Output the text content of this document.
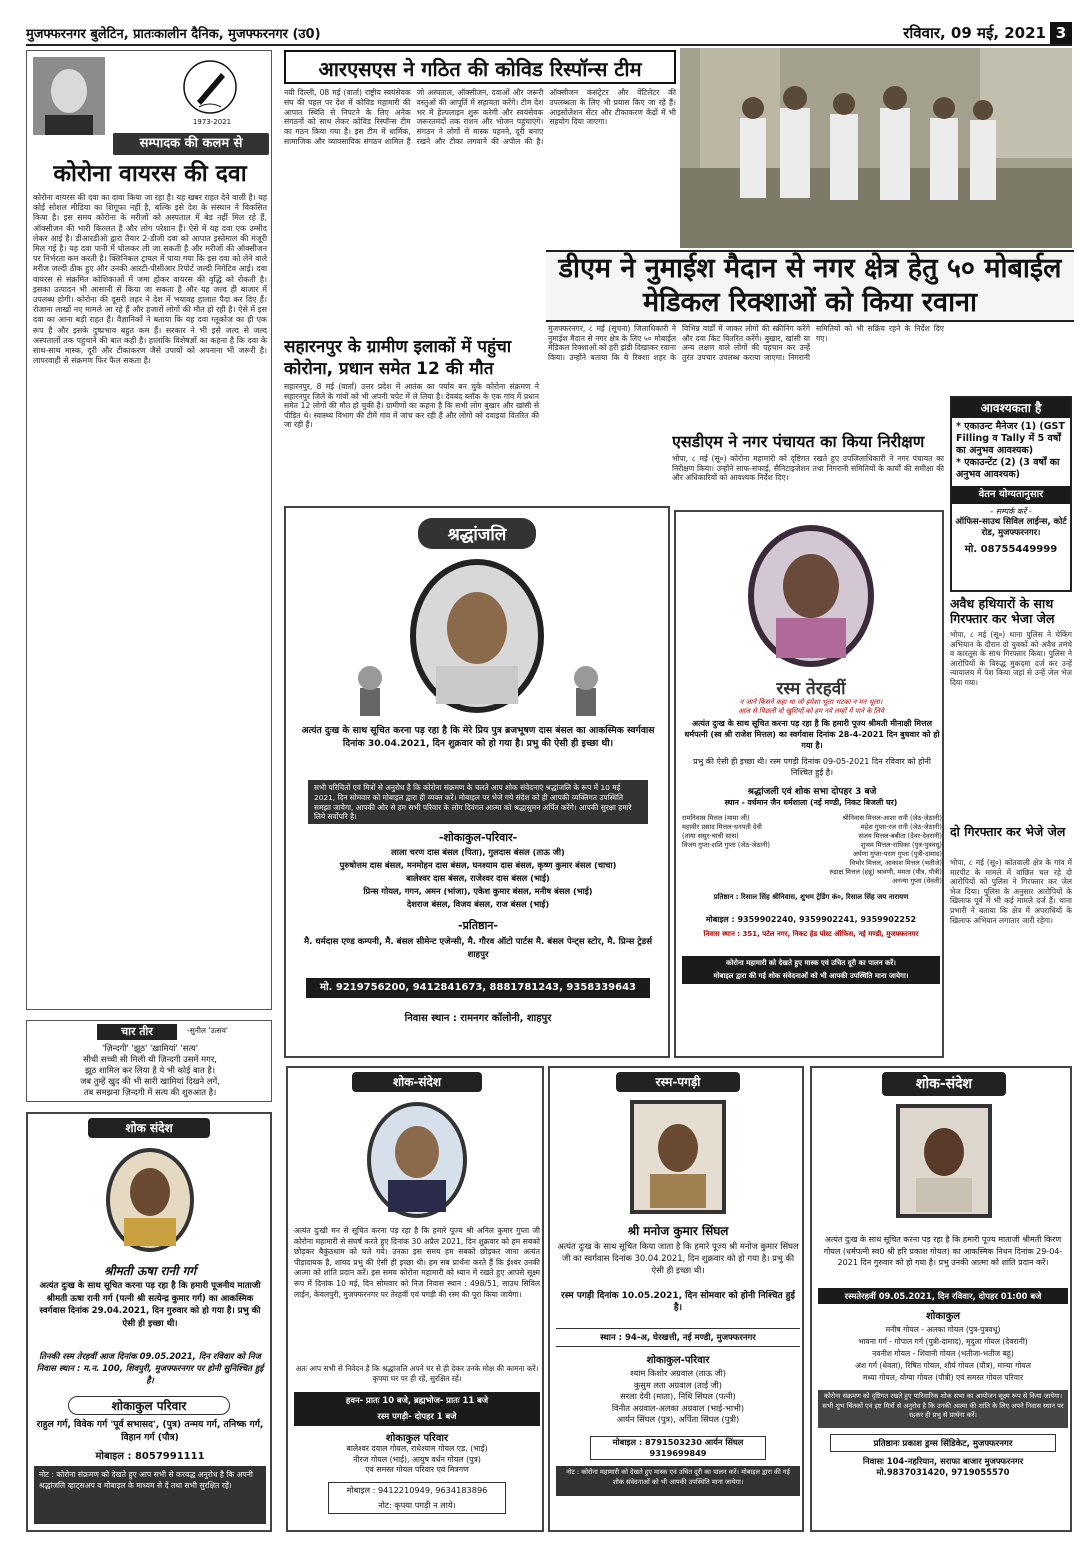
मुजफ्फरनगर बुलेटिन, प्रातःकालीन दैनिक, मुजफ्फरनगर (उ0)	रविवार, 09 मई, 2021 3
1973-2021
सम्पादक की कलम से
कोरोना वायरस की दवा
कोरोना वायरस की दवा का दावा किया जा रहा है। यह खबर राहत देने वाली है। यह कोई सोशल मीडिया का शिगूफा नहीं है, बल्कि इसे देश के संस्थान ने विकसित किया है। इस समय कोरोना के मरीजों को अस्पताल में बेड नहीं मिल रहे हैं, ऑक्सीजन की भारी किल्लत है और लोग परेशान हैं। ऐसे में यह दवा एक उम्मीद लेकर आई है। डीआरडीओ द्वारा तैयार 2-डीजी दवा को आपात इस्तेमाल की मंजूरी मिल गई है। यह दवा पानी में घोलकर ली जा सकती है और मरीजों की ऑक्सीजन पर निर्भरता कम करती है। क्लिनिकल ट्रायल में पाया गया कि इस दवा को लेने वाले मरीज जल्दी ठीक हुए और उनकी आरटी-पीसीआर रिपोर्ट जल्दी निगेटिव आई। दवा वायरस से संक्रमित कोशिकाओं में जमा होकर वायरस की वृद्धि को रोकती है। इसका उत्पादन भी आसानी से किया जा सकता है और यह जल्द ही बाजार में उपलब्ध होगी। कोरोना की दूसरी लहर ने देश में भयावह हालात पैदा कर दिए हैं। रोजाना लाखों नए मामले आ रहे हैं और हजारों लोगों की मौत हो रही है। ऐसे में इस दवा का आना बड़ी राहत है। वैज्ञानिकों ने बताया कि यह दवा ग्लूकोज का ही एक रूप है और इसके दुष्प्रभाव बहुत कम हैं। सरकार ने भी इसे जल्द से जल्द अस्पतालों तक पहुंचाने की बात कही है। हालांकि विशेषज्ञों का कहना है कि दवा के साथ-साथ मास्क, दूरी और टीकाकरण जैसे उपायों को अपनाना भी जरूरी है। लापरवाही से संक्रमण फिर फैल सकता है।
चार तीर	-सुनील 'उत्सव'
'ज़िन्दगी' 'झूठ' 'ख़ामियां' 'सत्य'
सीधी सच्ची सी मिली थी ज़िन्दगी उसमें मगर,
झूठ शामिल कर लिया है ये भी कोई बात है।
जब तुम्हें खुद की भी सारी खामियां दिखने लगें,
तब समझना ज़िन्दगी में सत्य की शुरुआत है।
आरएसएस ने गठित की कोविड रिस्पॉन्स टीम
नयी दिल्ली, 08 मई (वार्ता) राष्ट्रीय स्वयंसेवक संघ की पहल पर देश में कोविड महामारी की आपात स्थिति से निपटने के लिए अनेक संगठनों को साथ लेकर कोविड रिस्पॉन्स टीम का गठन किया गया है। इस टीम में धार्मिक, सामाजिक और व्यावसायिक संगठन शामिल हैं जो अस्पताल, ऑक्सीजन, दवाओं और जरूरी वस्तुओं की आपूर्ति में सहायता करेंगे। टीम देश भर में हेल्पलाइन शुरू करेगी और स्वयंसेवक जरूरतमंदों तक राशन और भोजन पहुंचाएंगे। संगठन ने लोगों से मास्क पहनने, दूरी बनाए रखने और टीका लगवाने की अपील की है। ऑक्सीजन कंसंट्रेटर और वेंटिलेटर की उपलब्धता के लिए भी प्रयास किए जा रहे हैं। आइसोलेशन सेंटर और टीकाकरण केंद्रों में भी सहयोग दिया जाएगा।
सहारनपुर के ग्रामीण इलाकों में पहुंचा कोरोना, प्रधान समेत 12 की मौत
सहारनपुर, 8 मई (वार्ता) उत्तर प्रदेश में आतंक का पर्याय बन चुके कोरोना संक्रमण ने सहारनपुर जिले के गांवों को भी अपनी चपेट में ले लिया है। देवबंद ब्लॉक के एक गांव में प्रधान समेत 12 लोगों की मौत हो चुकी है। ग्रामीणों का कहना है कि सभी लोग बुखार और खांसी से पीड़ित थे। स्वास्थ्य विभाग की टीमें गांव में जांच कर रही हैं और लोगों को दवाइयां वितरित की जा रही हैं।
डीएम ने नुमाईश मैदान से नगर क्षेत्र हेतु ५० मोबाईल मेडिकल रिक्शाओं को किया रवाना
मुजफ्फरनगर, ८ मई (सूचना) जिलाधिकारी ने नुमाईश मैदान से नगर क्षेत्र के लिए ५० मोबाईल मेडिकल रिक्शाओं को हरी झंडी दिखाकर रवाना किया। उन्होंने बताया कि ये रिक्शा शहर के विभिन्न वार्डों में जाकर लोगों की स्क्रीनिंग करेंगे और दवा किट वितरित करेंगे। बुखार, खांसी या अन्य लक्षण वाले लोगों की पहचान कर उन्हें तुरंत उपचार उपलब्ध कराया जाएगा। निगरानी समितियों को भी सक्रिय रहने के निर्देश दिए गए।
एसडीएम ने नगर पंचायत का किया निरीक्षण
भोपा, ८ मई (सू०) कोरोना महामारी को दृष्टिगत रखते हुए उपजिलाधिकारी ने नगर पंचायत का निरीक्षण किया। उन्होंने साफ-सफाई, सैनिटाइजेशन तथा निगरानी समितियों के कार्यों की समीक्षा की और अधिकारियों को आवश्यक निर्देश दिए।
आवश्यकता है
* एकाउन्ट मैनेजर (1) (GST Filling व Tally में 5 वर्षों का अनुभव आवश्यक)
* एकाउन्टेंट (2) (3 वर्षों का अनुभव आवश्यक)
वेतन योग्यतानुसार
- सम्पर्क करें -
ऑफिस-साउथ सिविल लाईन्स, कोर्ट रोड, मुजफ्फरनगर।
मो. 08755449999
अवैध हथियारों के साथ गिरफ्तार कर भेजा जेल
भोपा, ८ मई (सू०) थाना पुलिस ने चेकिंग अभियान के दौरान दो युवकों को अवैध तमंचे व कारतूस के साथ गिरफ्तार किया। पुलिस ने आरोपियों के विरुद्ध मुकदमा दर्ज कर उन्हें न्यायालय में पेश किया जहां से उन्हें जेल भेज दिया गया।
दो गिरफ्तार कर भेजे जेल
भोपा, ८ मई (सू०) कोतवाली क्षेत्र के गांव में मारपीट के मामले में वांछित चल रहे दो आरोपियों को पुलिस ने गिरफ्तार कर जेल भेज दिया। पुलिस के अनुसार आरोपियों के खिलाफ पूर्व में भी कई मामले दर्ज हैं। थाना प्रभारी ने बताया कि क्षेत्र में अपराधियों के खिलाफ अभियान लगातार जारी रहेगा।
श्रद्धांजलि
अत्यंत दुःख के साथ सूचित करना पड़ रहा है कि मेरे प्रिय पुत्र ब्रजभूषण दास बंसल का आकस्मिक स्वर्गवास दिनांक 30.04.2021, दिन शुक्रवार को हो गया है। प्रभु की ऐसी ही इच्छा थी।
सभी परिचितों एवं मित्रों से अनुरोध है कि कोरोना संक्रमण के चलते आप शोक संवेदनाएं श्रद्धांजलि के रूप में 10 मई 2021, दिन सोमवार को मोबाइल द्वारा ही व्यक्त करें। मोबाइल पर भेजे गये संदेश को ही आपकी व्यक्तिगत उपस्थिति समझा जायेगा, आपकी ओर से हम सभी परिवार के लोग दिवंगत आत्मा को श्रद्धासुमन अर्पित करेंगे। आपकी सुरक्षा हमारे लिये सर्वोपरि है।
-शोकाकुल-परिवार-
लाला चरण दास बंसल (पिता), गुलदास बंसल (ताऊ जी)
पुरुषोत्तम दास बंसल, मनमोहन दास बंसल, घनश्याम दास बंसल, कृष्ण कुमार बंसल (चाचा)
बालेश्वर दास बंसल, राजेश्वर दास बंसल (भाई)
प्रिन्स गोयल, गगन, अमन (भांजा), एकेश कुमार बंसल, मनीष बंसल (भाई)
देशराज बंसल, विजय बंसल, राज बंसल (भाई)
-प्रतिष्ठान-
मै. धर्मदास एण्ड कम्पनी, मै. बंसल सीमेन्ट एजेन्सी, मै. गौरव ऑटो पार्टस मै. बंसल पेन्ट्स स्टोर, मै. प्रिन्स ट्रेडर्स शाहपुर
मो. 9219756200, 9412841673, 8881781243, 9358339643
निवास स्थान : रामनगर कॉलोनी, शाहपुर
रस्म तेरहवीं
न जाने किसने कहा था जो हमेशा भूला भटका न मन भूला।
आज से पिछली वो खुशियों को हम नये लम्हों में पाने के लिये
अत्यंत दुःख के साथ सूचित करना पड़ रहा है कि हमारी पूज्य श्रीमती मीनाक्षी मित्तल धर्मपत्नी (स्व श्री राजेश मित्तल) का स्वर्गवास दिनांक 28-4-2021 दिन बुधवार को हो गया है।
प्रभु की ऐसी ही इच्छा थी। रस्म पगड़ी दिनांक 09-05-2021 दिन रविवार को होनी निश्चित हुई है।
श्रद्धांजली एवं शोक सभा दोपहर 3 बजे
स्थान - वर्धमान जैन धर्मशाला (नई मण्डी, निकट बिजली घर)
रामनिवास मित्तल (मामा जी)
महावीर प्रसाद मित्तल-धनपती देवी
(ताया ससुर-चाची सास)
विजय गुप्ता-शशि गुप्ता (जेठ-जेठानी)
श्रीनिवास मित्तल-आशा रानी (जेठ-जेठानी)
महेश गुप्ता-रज रानी (जेठ-जेठानी)
संजय मित्तल-बबीता (देवर-देवरानी)
शुभम मित्तल-राधिका (पुत्र-पुत्रवधू)
अर्पणा गुप्ता-पराग गुप्ता (पुत्री-दामाद)
विभोर मित्तल, आकाश मित्तल (भतीजे)
रुद्राक्ष मित्तल (हन्नू) श्रावणी, ममता (पौत्र, पौत्री)
अनन्या गुप्ता (धेवती)
प्रतिष्ठान : रिसाल सिंह श्रीनिवास, शुभम ट्रेडिंग कं०, रिसाल सिंह जय नारायण
मोबाइल : 9359902240, 9359902241, 9359902252
निवास स्थान : 351, पटेल नगर, निकट हेड पोस्ट ऑफिस, नई मण्डी, मुजफ्फरनगर
कोरोना महामारी को देखते हुए मास्क एवं उचित दूरी का पालन करें।
मोबाइल द्वारा की गई शोक संवेदनाओं को भी आपकी उपस्थिति माना जायेगा।
शोक संदेश
श्रीमती ऊषा रानी गर्ग
अत्यंत दुःख के साथ सूचित करना पड़ रहा है कि हमारी पूजनीय माताजी श्रीमती ऊषा रानी गर्ग (पत्नी श्री सत्येन्द्र कुमार गर्ग) का आकस्मिक स्वर्गवास दिनांक 29.04.2021, दिन गुरुवार को हो गया है। प्रभु की ऐसी ही इच्छा थी।
तिनकी रस्म तेरहवीं आज दिनांक 09.05.2021, दिन रविवार को निज निवास स्थान : म.न. 100, शिवपुरी, मुजफ्फरनगर पर होनी सुनिश्चित हुई है।
शोकाकुल परिवार
राहुल गर्ग, विवेक गर्ग 'पूर्व सभासद', (पुत्र) तन्मय गर्ग, तनिष्क गर्ग, विहान गर्ग (पौत्र)
मोबाइल : 8057991111
नोट : कोरोना संक्रमण को देखते हुए आप सभी से करबद्ध अनुरोध है कि अपनी श्रद्धांजलि व्हाट्सअप व मोबाइल के माध्यम से दें तथा सभी सुरक्षित रहें।
शोक-संदेश
अत्यंत दुःखी मन से सूचित करना पड़ रहा है कि हमारे पूज्य श्री अनिल कुमार गुप्ता जी कोरोना महामारी से संघर्ष करते हुए दिनांक 30 अप्रैल 2021, दिन शुक्रवार को हम सबको छोड़कर बैकुंठधाम को चले गये। उनका इस समय हम सबको छोड़कर जाना अत्यंत पीड़ादायक है, शायद प्रभु की ऐसी ही इच्छा थी। हम सब प्रार्थना करते हैं कि ईश्वर उनकी आत्मा को शांति प्रदान करें। इस समय कोरोना महामारी को ध्यान में रखते हुए आपसे सूक्ष्म रूप में दिनांक 10 मई, दिन सोमवार को निज निवास स्थान : 498/51, साउथ सिविल लाईन, केवलपुरी, मुजफ्फरनगर पर तेरहवीं एवं पगड़ी की रस्म की पूरा किया जायेगा।
अतः आप सभी से निवेदन है कि श्रद्धांजलि अपने घर से ही देकर उनके मोक्ष की कामना करें। कृपया घर पर ही रहें, सुरक्षित रहें।
हवन- प्रातः 10 बजे, ब्रह्मभोज- प्रातः 11 बजे
रस्म पगड़ी- दोपहर 1 बजे
शोकाकुल परिवार
बालेश्वर दयाल गोयल, राधेश्याम गोयल एड. (भाई)
नीरज गोयल (भाई), आयुष वर्धन गोयल (पुत्र)
एवं समस्त गोयल परिवार एवं मित्रगण
मोबाइल : 9412210949, 9634183896
नोट: कृपया पगड़ी न लाये।
रस्म-पगड़ी
श्री मनोज कुमार सिंघल
अत्यंत दुःख के साथ सूचित किया जाता है कि हमारे पूज्य श्री मनोज कुमार सिंघल जी का स्वर्गवास दिनांक 30.04.2021, दिन शुक्रवार को हो गया है। प्रभु की ऐसी ही इच्छा थी।
रस्म पगड़ी दिनांक 10.05.2021, दिन सोमवार को होनी निश्चित हुई है।
स्थान : 94-अ, घेरखत्ती, नई मण्डी, मुजफ्फरनगर
शोकाकुल-परिवार
श्याम किशोर अग्रवाल (ताऊ जी)
कुसुम लता अग्रवाल (ताई जी)
सरला देवी (माता), निधि सिंघल (पत्नी)
विनीत अग्रवाल-अलका अग्रवाल (भाई-भाभी)
आर्यन सिंघल (पुत्र), अर्पिता सिंघल (पुत्री)
मोबाइल : 8791503230 आर्यन सिंघल 9319699849
नोट : कोरोना महामारी को देखते हुए मास्क एवं उचित दूरी का पालन करें। मोबाइल द्वारा की गई शोक संवेदनाओं को भी आपकी उपस्थिति माना जायेगा।
शोक-संदेश
अत्यंत दुःख के साथ सूचित करना पड़ रहा है कि हमारी पूज्य माताजी श्रीमती किरण गोयल (धर्मपत्नी स्व0 श्री हरि प्रकाश गोयल) का आकस्मिक निधन दिनांक 29-04-2021 दिन गुरुवार को हो गया है। प्रभु उनकी आत्मा को शांति प्रदान करें।
रस्मतेरहवीं 09.05.2021, दिन रविवार, दोपहर 01:00 बजे
शोकाकुल
मनीष गोयल - अलका गोयल (पुत्र-पुत्रवधू)
भावना गर्ग - गोपाल गर्ग (पुत्री-दामाद), मृदुला गोयल (देवरानी)
नवनीश गोयल - शिवानी गोयल (भतीजा-भतीज बहू)
अंश गर्ग (धेवता), रिषित गोयल, शौर्य गोयल (पौत्र), मान्या गोयल
मध्या गोयल, योग्या गोयल (पौत्री) एवं समस्त गोयल परिवार
कोरोना संक्रमण को दृष्टिगत रखते हुए पारिवारिक शोक सभा का आयोजन सूक्ष्म रूप से किया जायेगा। सभी शुभ चिंतकों एवं इष्ट मित्रों से अनुरोध है कि उनकी आत्मा की शांति के लिए अपने निवास स्थान पर रहकर ही प्रभु से प्रार्थना करें।
प्रतिष्ठानः प्रकाश ड्रग्स सिंडिकेट, मुजफ्फरनगर
निवासः 104-नहरियान, सराफा बाजार मुजफ्फरनगर
मो.9837031420, 9719055570
